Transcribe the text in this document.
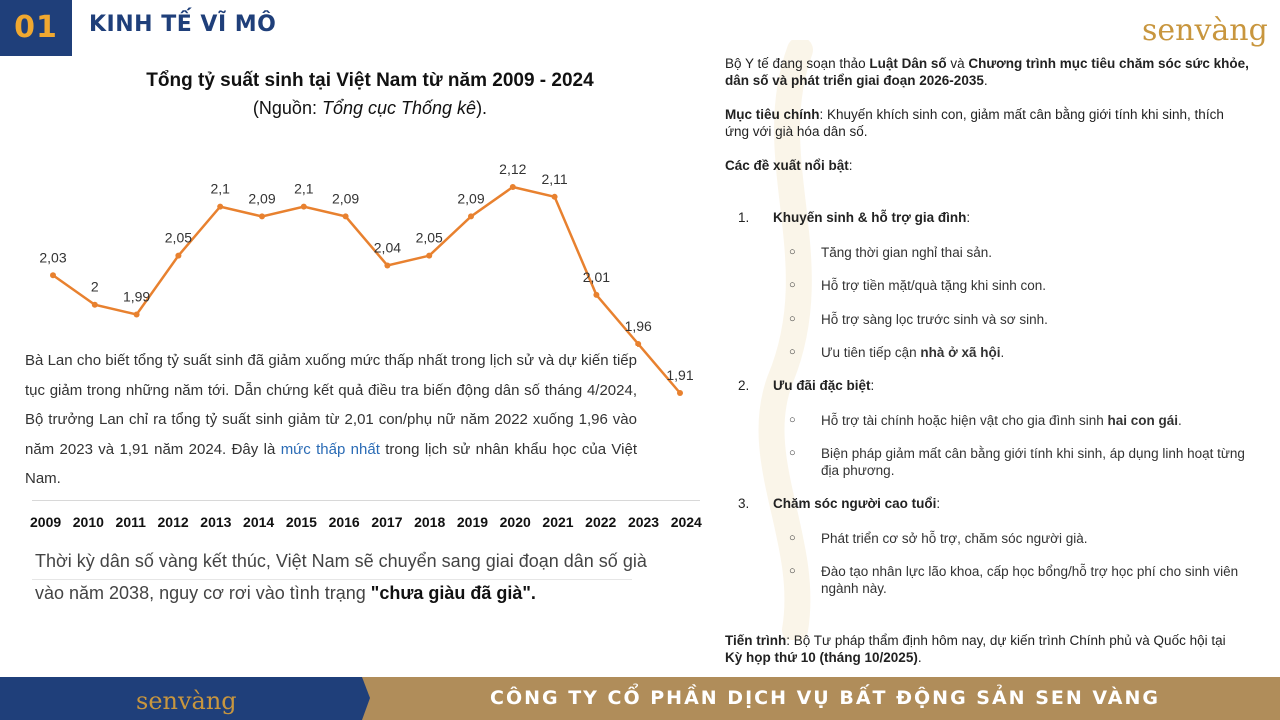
01	KINH TẾ VĨ MÔ	senvàng
Tổng tỷ suất sinh tại Việt Nam từ năm 2009 - 2024
(Nguồn: Tổng cục Thống kê).
2,03
2
1,99
2,05
2,1
2,09
2,1
2,09
2,04
2,05
2,09
2,12
2,11
2,01
1,96
1,91
Bà Lan cho biết tổng tỷ suất sinh đã giảm xuống mức thấp nhất trong lịch sử và dự kiến tiếp tục giảm trong những năm tới. Dẫn chứng kết quả điều tra biến động dân số tháng 4/2024, Bộ trưởng Lan chỉ ra tổng tỷ suất sinh giảm từ 2,01 con/phụ nữ năm 2022 xuống 1,96 vào năm 2023 và 1,91 năm 2024. Đây là mức thấp nhất trong lịch sử nhân khẩu học của Việt Nam.
2009 2010 2011 2012 2013 2014 2015 2016 2017 2018 2019 2020 2021 2022 2023 2024
Thời kỳ dân số vàng kết thúc, Việt Nam sẽ chuyển sang giai đoạn dân số già vào năm 2038, nguy cơ rơi vào tình trạng "chưa giàu đã già".

Bộ Y tế đang soạn thảo Luật Dân số và Chương trình mục tiêu chăm sóc sức khỏe, dân số và phát triển giai đoạn 2026-2035.

Mục tiêu chính: Khuyến khích sinh con, giảm mất cân bằng giới tính khi sinh, thích ứng với già hóa dân số.

Các đề xuất nổi bật:

1. Khuyến sinh & hỗ trợ gia đình:
○ Tăng thời gian nghỉ thai sản.
○ Hỗ trợ tiền mặt/quà tặng khi sinh con.
○ Hỗ trợ sàng lọc trước sinh và sơ sinh.
○ Ưu tiên tiếp cận nhà ở xã hội.
2. Ưu đãi đặc biệt:
○ Hỗ trợ tài chính hoặc hiện vật cho gia đình sinh hai con gái.
○ Biện pháp giảm mất cân bằng giới tính khi sinh, áp dụng linh hoạt từng địa phương.
3. Chăm sóc người cao tuổi:
○ Phát triển cơ sở hỗ trợ, chăm sóc người già.
○ Đào tạo nhân lực lão khoa, cấp học bổng/hỗ trợ học phí cho sinh viên ngành này.
Tiến trình: Bộ Tư pháp thẩm định hôm nay, dự kiến trình Chính phủ và Quốc hội tại Kỳ họp thứ 10 (tháng 10/2025).
senvàng	CÔNG TY CỔ PHẦN DỊCH VỤ BẤT ĐỘNG SẢN SEN VÀNG
